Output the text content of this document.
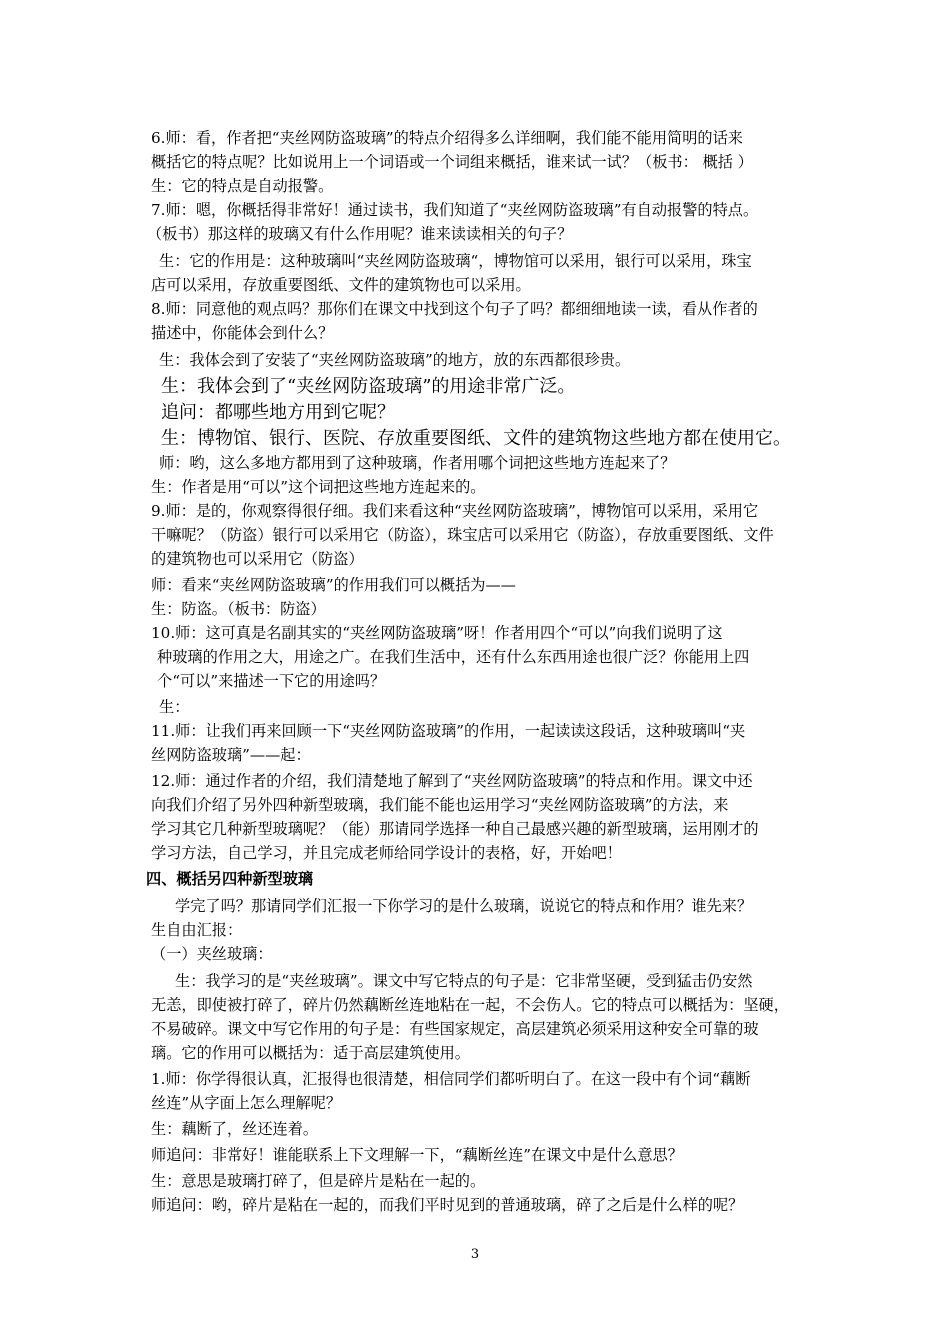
6.师：看，作者把“夹丝网防盗玻璃”的特点介绍得多么详细啊，我们能不能用简明的话来
概括它的特点呢？比如说用上一个词语或一个词组来概括，谁来试一试？（板书： 概括 ）
生：它的特点是自动报警。
7.师：嗯，你概括得非常好！通过读书，我们知道了“夹丝网防盗玻璃”有自动报警的特点。
（板书）那这样的玻璃又有什么作用呢？谁来读读相关的句子？
生：它的作用是：这种玻璃叫“夹丝网防盗玻璃“，博物馆可以采用，银行可以采用，珠宝
店可以采用，存放重要图纸、文件的建筑物也可以采用。
8.师：同意他的观点吗？那你们在课文中找到这个句子了吗？都细细地读一读，看从作者的
描述中，你能体会到什么？
生：我体会到了安装了“夹丝网防盗玻璃”的地方，放的东西都很珍贵。
生：我体会到了“夹丝网防盗玻璃”的用途非常广泛。
追问：都哪些地方用到它呢？
生：博物馆、银行、医院、存放重要图纸、文件的建筑物这些地方都在使用它。
师：哟，这么多地方都用到了这种玻璃，作者用哪个词把这些地方连起来了？
生：作者是用“可以”这个词把这些地方连起来的。
9.师：是的，你观察得很仔细。我们来看这种“夹丝网防盗玻璃”，博物馆可以采用，采用它
干嘛呢？（防盗）银行可以采用它（防盗），珠宝店可以采用它（防盗），存放重要图纸、文件
的建筑物也可以采用它（防盗）
师：看来“夹丝网防盗玻璃”的作用我们可以概括为——
生：防盗。（板书：防盗）
10.师：这可真是名副其实的“夹丝网防盗玻璃”呀！作者用四个“可以”向我们说明了这
种玻璃的作用之大，用途之广。在我们生活中，还有什么东西用途也很广泛？你能用上四
个“可以”来描述一下它的用途吗？
生：
11.师：让我们再来回顾一下“夹丝网防盗玻璃”的作用，一起读读这段话，这种玻璃叫“夹
丝网防盗玻璃”——起：
12.师：通过作者的介绍，我们清楚地了解到了“夹丝网防盗玻璃”的特点和作用。课文中还
向我们介绍了另外四种新型玻璃，我们能不能也运用学习“夹丝网防盗玻璃”的方法，来
学习其它几种新型玻璃呢？（能）那请同学选择一种自己最感兴趣的新型玻璃，运用刚才的
学习方法，自己学习，并且完成老师给同学设计的表格，好，开始吧！
四、概括另四种新型玻璃
学完了吗？那请同学们汇报一下你学习的是什么玻璃，说说它的特点和作用？谁先来？
生自由汇报：
（一）夹丝玻璃：
生：我学习的是“夹丝玻璃”。课文中写它特点的句子是：它非常坚硬，受到猛击仍安然
无恙，即使被打碎了，碎片仍然藕断丝连地粘在一起，不会伤人。它的特点可以概括为：坚硬，
不易破碎。课文中写它作用的句子是：有些国家规定，高层建筑必须采用这种安全可靠的玻
璃。它的作用可以概括为：适于高层建筑使用。
1.师：你学得很认真，汇报得也很清楚，相信同学们都听明白了。在这一段中有个词“藕断
丝连”从字面上怎么理解呢？
生：藕断了，丝还连着。
师追问：非常好！谁能联系上下文理解一下，“藕断丝连”在课文中是什么意思？
生：意思是玻璃打碎了，但是碎片是粘在一起的。
师追问：哟，碎片是粘在一起的，而我们平时见到的普通玻璃，碎了之后是什么样的呢？
3
